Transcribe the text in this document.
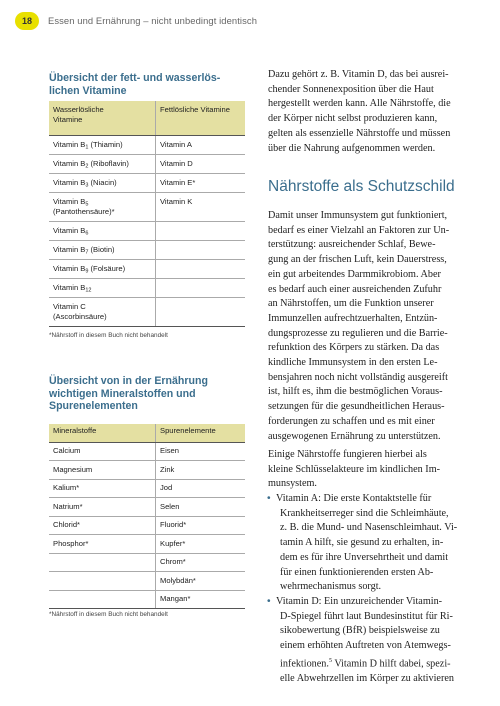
18	Essen und Ernährung – nicht unbedingt identisch
Übersicht der fett- und wasserlös-
lichen Vitamine
Wasserlösliche
Vitamine	Fettlösliche Vitamine

Vitamin $B_1$ (Thiamin)	Vitamin A

Vitamin $B_2$ (Riboflavin)	Vitamin D

Vitamin $B_3$ (Niacin)	Vitamin E*

Vitamin $B_5$
(Pantothensäure)*	Vitamin K

Vitamin $B_6$

Vitamin $B_7$ (Biotin)	

Vitamin $B_9$ (Folsäure)	

Vitamin $B_{12}$

Vitamin C
(Ascorbinsäure)	

*Nährstoff in diesem Buch nicht behandelt
Übersicht von in der Ernährung
wichtigen Mineralstoffen und
Spurenelementen
Mineralstoffe	Spurenelemente
Calcium	Eisen
Magnesium	Zink
Kalium*	Jod
Natrium*	Selen
Chlorid*	Fluorid*
Phosphor*	Kupfer*
	Chrom*
	Molybdän*
	Mangan*
*Nährstoff in diesem Buch nicht behandelt
Dazu gehört z. B. Vitamin D, das bei ausrei-
chender Sonnenexposition über die Haut
hergestellt werden kann. Alle Nährstoffe, die
der Körper nicht selbst produzieren kann,
gelten als essenzielle Nährstoffe und müssen
über die Nahrung aufgenommen werden.
Nährstoffe als Schutzschild
Damit unser Immunsystem gut funktioniert,
bedarf es einer Vielzahl an Faktoren zur Un-
terstützung: ausreichender Schlaf, Bewe-
gung an der frischen Luft, kein Dauerstress,
ein gut arbeitendes Darmmikrobiom. Aber
es bedarf auch einer ausreichenden Zufuhr
an Nährstoffen, um die Funktion unserer
Immunzellen aufrechtzuerhalten, Entzün-
dungsprozesse zu regulieren und die Barrie-
refunktion des Körpers zu stärken. Da das
kindliche Immunsystem in den ersten Le-
bensjahren noch nicht vollständig ausgereift
ist, hilft es, ihm die bestmöglichen Voraus-
setzungen für die gesundheitlichen Heraus-
forderungen zu schaffen und es mit einer
ausgewogenen Ernährung zu unterstützen.
Einige Nährstoffe fungieren hierbei als
kleine Schlüsselakteure im kindlichen Im-
munsystem.
• Vitamin A: Die erste Kontaktstelle für
Krankheitserreger sind die Schleimhäute,
z. B. die Mund- und Nasenschleimhaut. Vi-
tamin A hilft, sie gesund zu erhalten, in-
dem es für ihre Unversehrtheit und damit
für einen funktionierenden ersten Ab-
wehrmechanismus sorgt.
• Vitamin D: Ein unzureichender Vitamin-
D-Spiegel führt laut Bundesinstitut für Ri-
sikobewertung (BfR) beispielsweise zu
einem erhöhten Auftreten von Atemwegs-
infektionen.$^5$ Vitamin D hilft dabei, spezi-
elle Abwehrzellen im Körper zu aktivieren
